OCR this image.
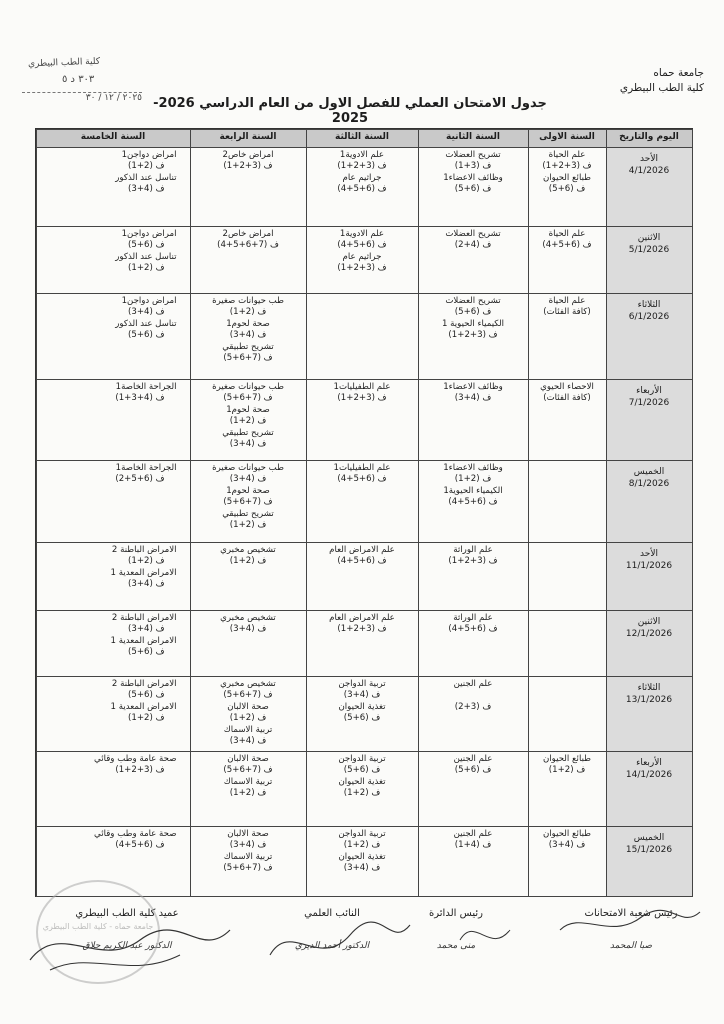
جامعة حماه
كلية الطب البيطري
كلية الطب البيطري
٣٠٣ د ٥
٢٠٢٥ / ١٢ / ٣٠ جدول الامتحان العملي للفصل الاول من العام الدراسي 2026-2025
اليوم والتاريخ
السنة الاولى
السنة الثانية
السنة الثالثة
السنة الرابعة
السنة الخامسة
الأحد
4/1/2026
علم الحياة
ف (3+2+1)
طبائع الحيوان
ف (6+5)
تشريح العضلات
ف (3+1)
وظائف الاعضاء1
ف (6+5)
علم الادوية1
ف (3+2+1)
جراثيم عام
ف (6+5+4)
امراض خاص2
ف (3+2+1)
امراض دواجن1
ف (2+1)
تناسل عند الذكور
ف (4+3)
الاثنين
5/1/2026
علم الحياة
ف (6+5+4)
تشريح العضلات
ف (4+2)
علم الادوية1
ف (6+5+4)
جراثيم عام
ف (3+2+1)
امراض خاص2
ف (7+6+5+4)
امراض دواجن1
ف (6+5)
تناسل عند الذكور
ف (2+1)
الثلاثاء
6/1/2026
علم الحياة
(كافة الفئات)
تشريح العضلات
ف (6+5)
الكيمياء الحيوية 1
ف (3+2+1)
طب حيوانات صغيرة
ف (2+1)
صحة لحوم1
ف (4+3)
تشريح تطبيقي
ف (7+6+5)
امراض دواجن1
ف (4+3)
تناسل عند الذكور
ف (6+5)
الأربعاء
7/1/2026
الاحصاء الحيوي
(كافة الفئات)
وظائف الاعضاء1
ف (4+3)
علم الطفيليات1
ف (3+2+1)
طب حيوانات صغيرة
ف (7+6+5)
صحة لحوم1
ف (2+1)
تشريح تطبيقي
ف (4+3)
الجراحة الخاصة1
ف (4+3+1)
الخميس
8/1/2026
وظائف الاعضاء1
ف (2+1)
الكيمياء الحيوية1
ف (6+5+4)
علم الطفيليات1
ف (6+5+4)
طب حيوانات صغيرة
ف (4+3)
صحة لحوم1
ف (7+6+5)
تشريح تطبيقي
ف (2+1)
الجراحة الخاصة1
ف (6+5+2)
الأحد
11/1/2026
علم الوراثة
ف (3+2+1)
علم الامراض العام
ف (6+5+4)
تشخيص مخبري
ف (2+1)
الامراض الباطنة 2
ف (2+1)
الامراض المعدية 1
ف (4+3)
الاثنين
12/1/2026
علم الوراثة
ف (6+5+4)
علم الامراض العام
ف (3+2+1)
تشخيص مخبري
ف (4+3)
الامراض الباطنة 2
ف (4+3)
الامراض المعدية 1
ف (6+5)
الثلاثاء
13/1/2026
علم الجنين

ف (3+2)
تربية الدواجن
ف (4+3)
تغذية الحيوان
ف (6+5)
تشخيص مخبري
ف (7+6+5)
صحة الالبان
ف (2+1)
تربية الاسماك
ف (4+3)
الامراض الباطنة 2
ف (6+5)
الامراض المعدية 1
ف (2+1)
الأربعاء
14/1/2026
طبائع الحيوان
ف (2+1)
علم الجنين
ف (6+5)
تربية الدواجن
ف (6+5)
تغذية الحيوان
ف (2+1)
صحة الالبان
ف (7+6+5)
تربية الاسماك
ف (2+1)
صحة عامة وطب وقائي
ف (3+2+1)
الخميس
15/1/2026
طبائع الحيوان
ف (4+3)
علم الجنين
ف (4+1)
تربية الدواجن
ف (2+1)
تغذية الحيوان
ف (4+3)
صحة الالبان
ف (4+3)
تربية الاسماك
ف (7+6+5)
صحة عامة وطب وقائي
ف (6+5+4)
رئيس شعبة الامتحانات
صبا المحمد
رئيس الدائرة
منى محمد
النائب العلمي
الدكتور أحمد الديري
عميد كلية الطب البيطري
الدكتور عبد الكريم حلاق
جامعة حماه - كلية الطب البيطري
